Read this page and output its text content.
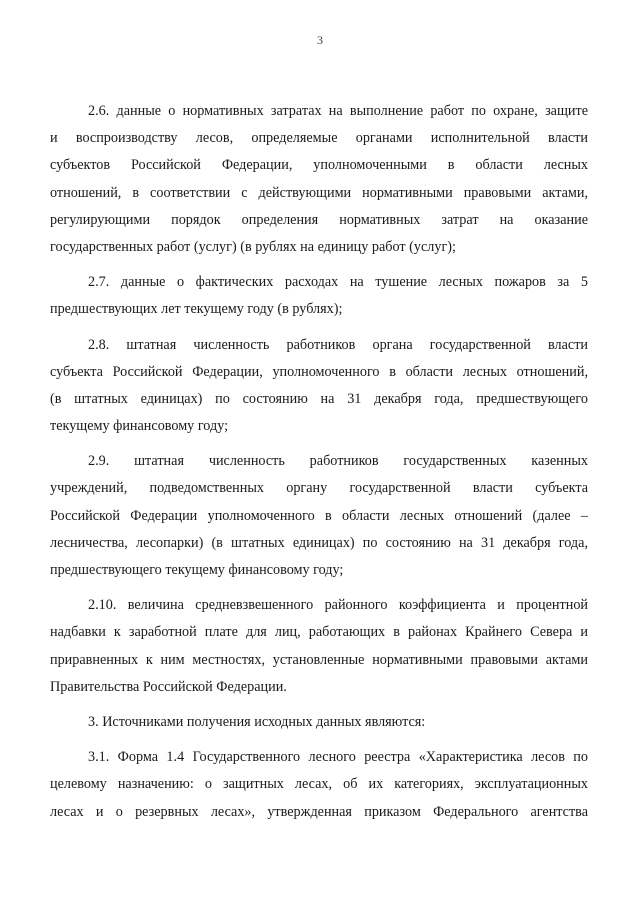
3
2.6. данные о нормативных затратах на выполнение работ по охране, защите
и воспроизводству лесов, определяемые органами исполнительной власти
субъектов Российской Федерации, уполномоченными в области лесных
отношений, в соответствии с действующими нормативными правовыми актами,
регулирующими порядок определения нормативных затрат на оказание
государственных работ (услуг) (в рублях на единицу работ (услуг);
2.7. данные о фактических расходах на тушение лесных пожаров за 5
предшествующих лет текущему году (в рублях);
2.8. штатная численность работников органа государственной власти
субъекта Российской Федерации, уполномоченного в области лесных отношений,
(в штатных единицах) по состоянию на 31 декабря года, предшествующего
текущему финансовому году;
2.9. штатная численность работников государственных казенных
учреждений, подведомственных органу государственной власти субъекта
Российской Федерации уполномоченного в области лесных отношений (далее –
лесничества, лесопарки) (в штатных единицах) по состоянию на 31 декабря года,
предшествующего текущему финансовому году;
2.10. величина средневзвешенного районного коэффициента и процентной
надбавки к заработной плате для лиц, работающих в районах Крайнего Севера и
приравненных к ним местностях, установленные нормативными правовыми актами
Правительства Российской Федерации.
3. Источниками получения исходных данных являются:
3.1. Форма 1.4 Государственного лесного реестра «Характеристика лесов по
целевому назначению: о защитных лесах, об их категориях, эксплуатационных
лесах и о резервных лесах», утвержденная приказом Федерального агентства
